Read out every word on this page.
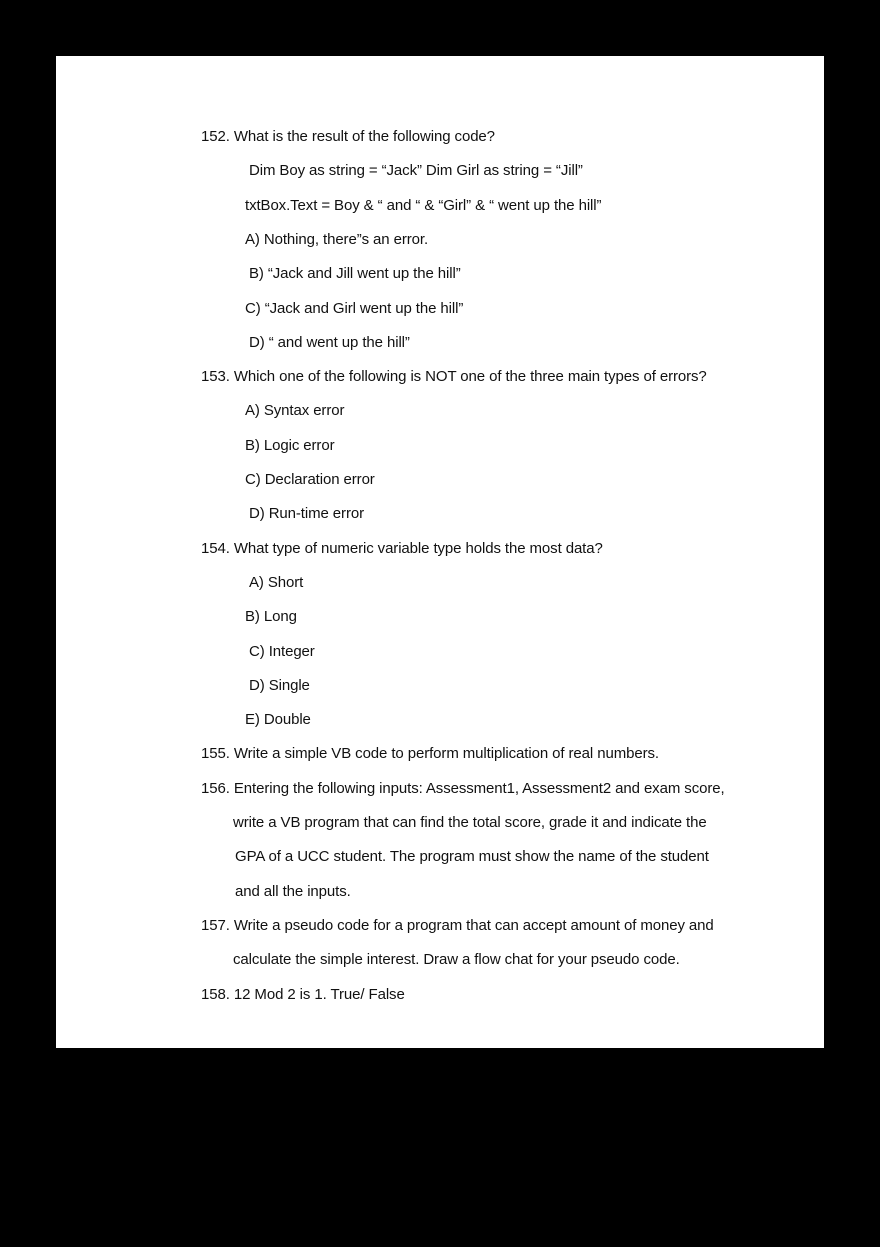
152. What is the result of the following code?
Dim Boy as string = “Jack” Dim Girl as string = “Jill”
txtBox.Text = Boy & “ and “ & “Girl” & “ went up the hill”
A) Nothing, there”s an error.
B) “Jack and Jill went up the hill”
C) “Jack and Girl went up the hill”
D) “ and went up the hill”
153. Which one of the following is NOT one of the three main types of errors?
A) Syntax error
B) Logic error
C) Declaration error
D) Run-time error
154. What type of numeric variable type holds the most data?
A) Short
B) Long
C) Integer
D) Single
E) Double
155. Write a simple VB code to perform multiplication of real numbers.
156. Entering the following inputs: Assessment1, Assessment2 and exam score,
write a VB program that can find the total score, grade it and indicate the
GPA of a UCC student. The program must show the name of the student
and all the inputs.
157. Write a pseudo code for a program that can accept amount of money and
calculate the simple interest. Draw a flow chat for your pseudo code.
158. 12 Mod 2 is 1. True/ False
